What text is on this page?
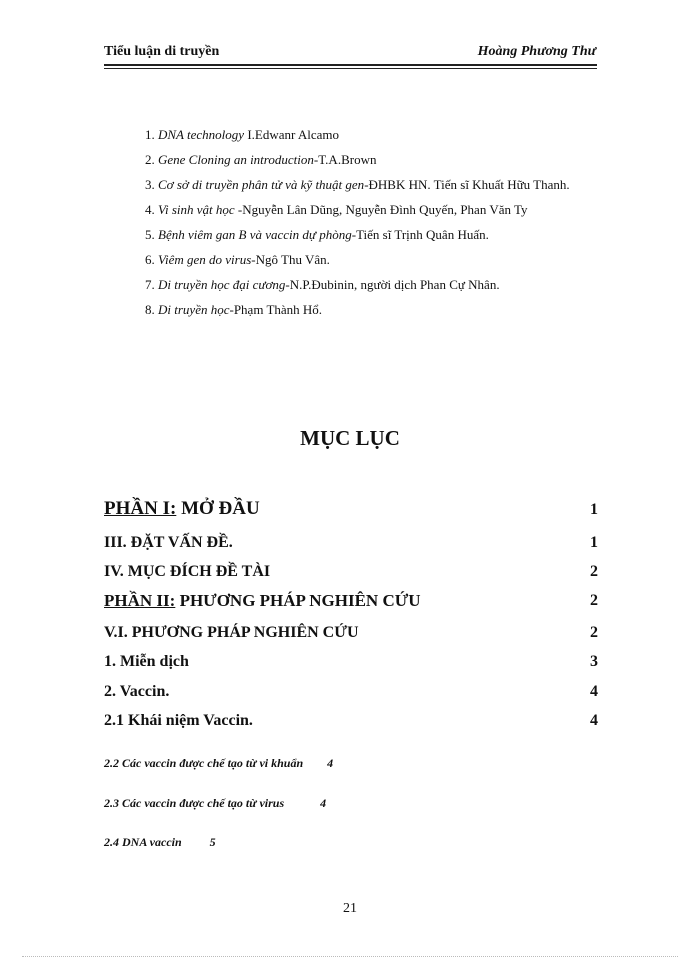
Tiểu luận di truyền	Hoàng Phương Thư
1. DNA technology I.Edwanr Alcamo
2. Gene Cloning an introduction-T.A.Brown
3. Cơ sở di truyền phân tử và kỹ thuật gen-ĐHBK HN. Tiến sĩ Khuất Hữu Thanh.
4. Vi sinh vật học -Nguyễn Lân Dũng, Nguyễn Đình Quyến, Phan Văn Ty
5. Bệnh viêm gan B và vaccin dự phòng-Tiến sĩ Trịnh Quân Huấn.
6. Viêm gen do virus-Ngô Thu Vân.
7. Di truyền học đại cương-N.P.Đubinin, người dịch Phan Cự Nhân.
8. Di truyền học-Phạm Thành Hổ.
MỤC LỤC
PHẦN I: MỞ ĐẦU	1
III. ĐẶT VẤN ĐỀ.	1
IV. MỤC ĐÍCH ĐỀ TÀI	2
PHẦN II: PHƯƠNG PHÁP NGHIÊN CỨU	2
V.I. PHƯƠNG PHÁP NGHIÊN CỨU	2
1. Miễn dịch	3
2. Vaccin.	4
2.1 Khái niệm Vaccin.	4
2.2 Các vaccin được chế tạo từ vi khuẩn 4
2.3 Các vaccin được chế tạo từ virus	4
2.4 DNA vaccin 5
21
